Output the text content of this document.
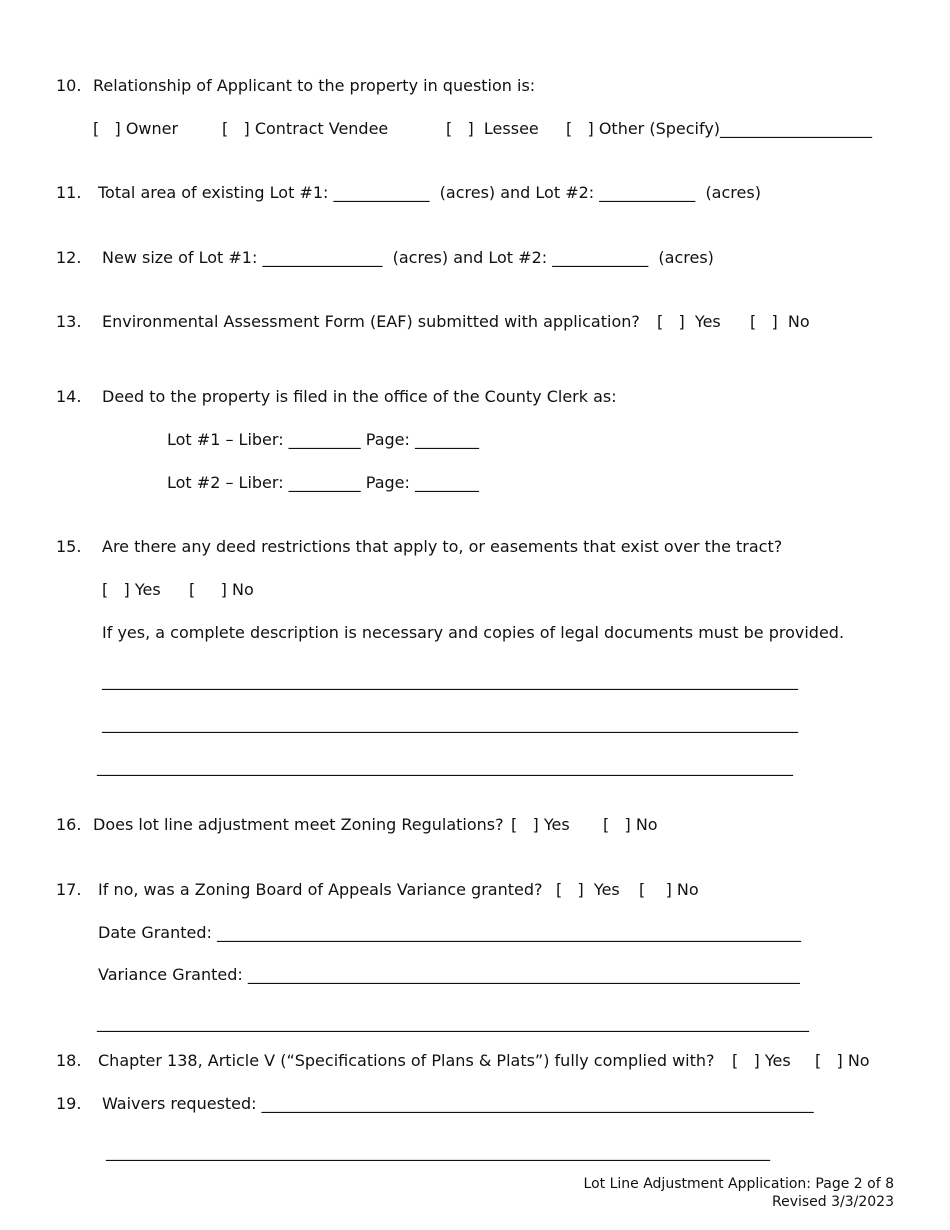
10. Relationship of Applicant to the property in question is:
[   ] Owner	[   ] Contract Vendee	[   ]  Lessee [   ] Other (Specify)___________________
11. Total area of existing Lot #1: ____________  (acres) and Lot #2: ____________  (acres)
12. New size of Lot #1: _______________  (acres) and Lot #2: ____________  (acres)
13. Environmental Assessment Form (EAF) submitted with application? [   ]  Yes [   ]  No
14. Deed to the property is filed in the office of the County Clerk as:
Lot #1 – Liber: _________ Page: ________
Lot #2 – Liber: _________ Page: ________
15. Are there any deed restrictions that apply to, or easements that exist over the tract?
[   ] Yes [     ] No
If yes, a complete description is necessary and copies of legal documents must be provided.
_______________________________________________________________________________________
_______________________________________________________________________________________
_______________________________________________________________________________________
16. Does lot line adjustment meet Zoning Regulations? [   ] Yes [   ] No
17. If no, was a Zoning Board of Appeals Variance granted? [   ]  Yes [    ] No
Date Granted: _________________________________________________________________________
Variance Granted: _____________________________________________________________________
_________________________________________________________________________________________
18. Chapter 138, Article V (“Specifications of Plans & Plats”) fully complied with? [   ] Yes [   ] No
19. Waivers requested: _____________________________________________________________________
___________________________________________________________________________________
Lot Line Adjustment Application: Page 2 of 8
Revised 3/3/2023
